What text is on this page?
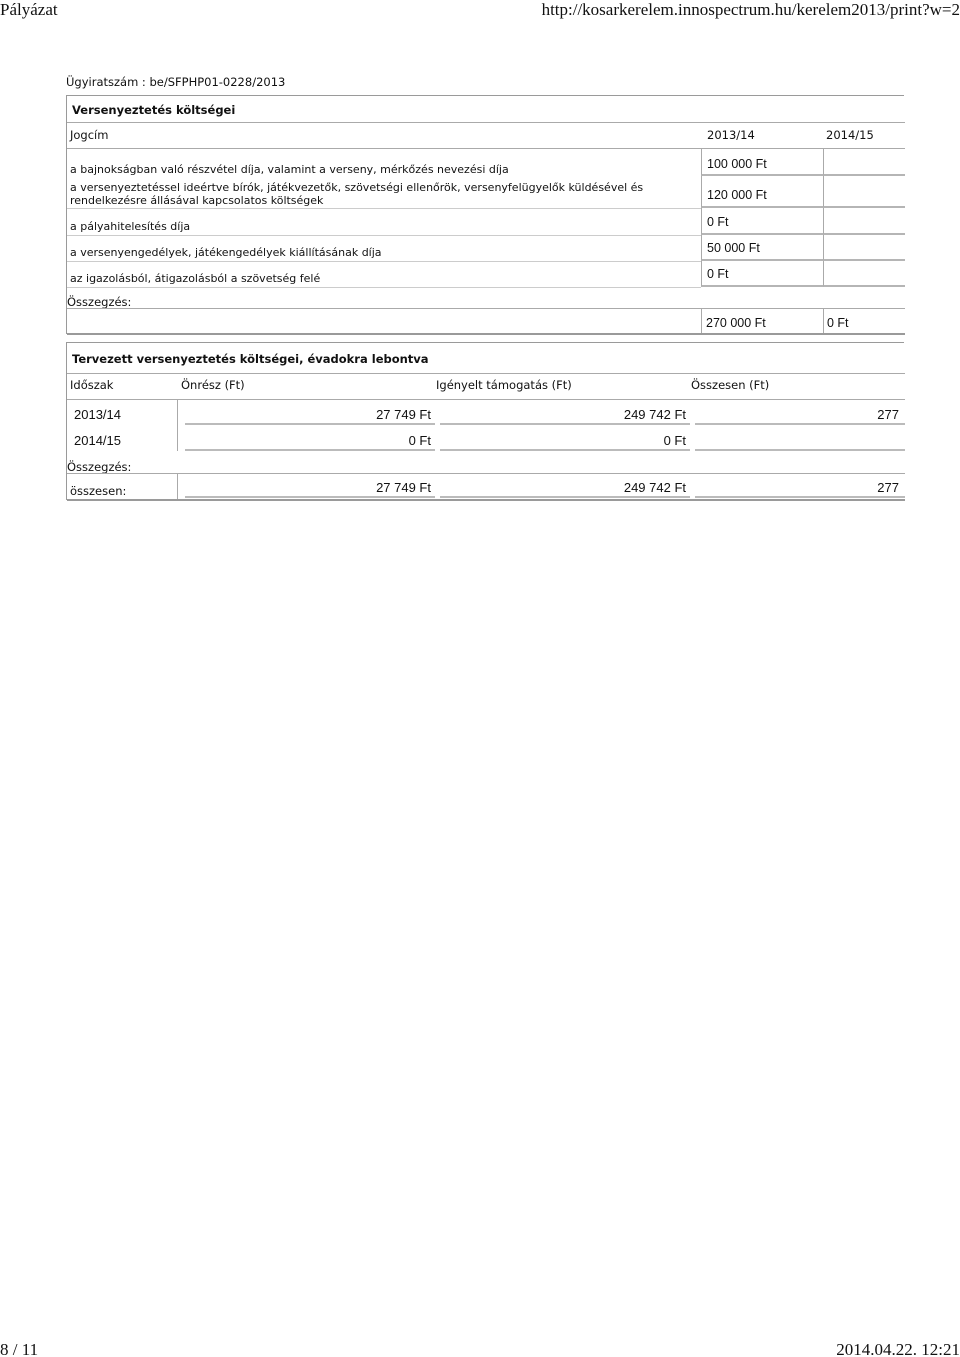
Pályázat	http://kosarkerelem.innospectrum.hu/kerelem2013/print?w=2
Ügyiratszám : be/SFPHP01-0228/2013
Versenyeztetés költségei
Jogcím	2013/14	2014/15
a bajnokságban való részvétel díja, valamint a verseny, mérkőzés nevezési díja	100 000 Ft
a versenyeztetéssel ideértve bírók, játékvezetők, szövetségi ellenőrök, versenyfelügyelők küldésével és rendelkezésre állásával kapcsolatos költségek	120 000 Ft
a pályahitelesítés díja	0 Ft
a versenyengedélyek, játékengedélyek kiállításának díja	50 000 Ft
az igazolásból, átigazolásból a szövetség felé	0 Ft
Összegzés:
270 000 Ft	0 Ft
Tervezett versenyeztetés költségei, évadokra lebontva
Időszak	Önrész (Ft)	Igényelt támogatás (Ft)	Összesen (Ft)
2013/14	27 749 Ft	249 742 Ft	277
2014/15	0 Ft	0 Ft
Összegzés:
összesen:	27 749 Ft	249 742 Ft	277
8 / 11	2014.04.22. 12:21
